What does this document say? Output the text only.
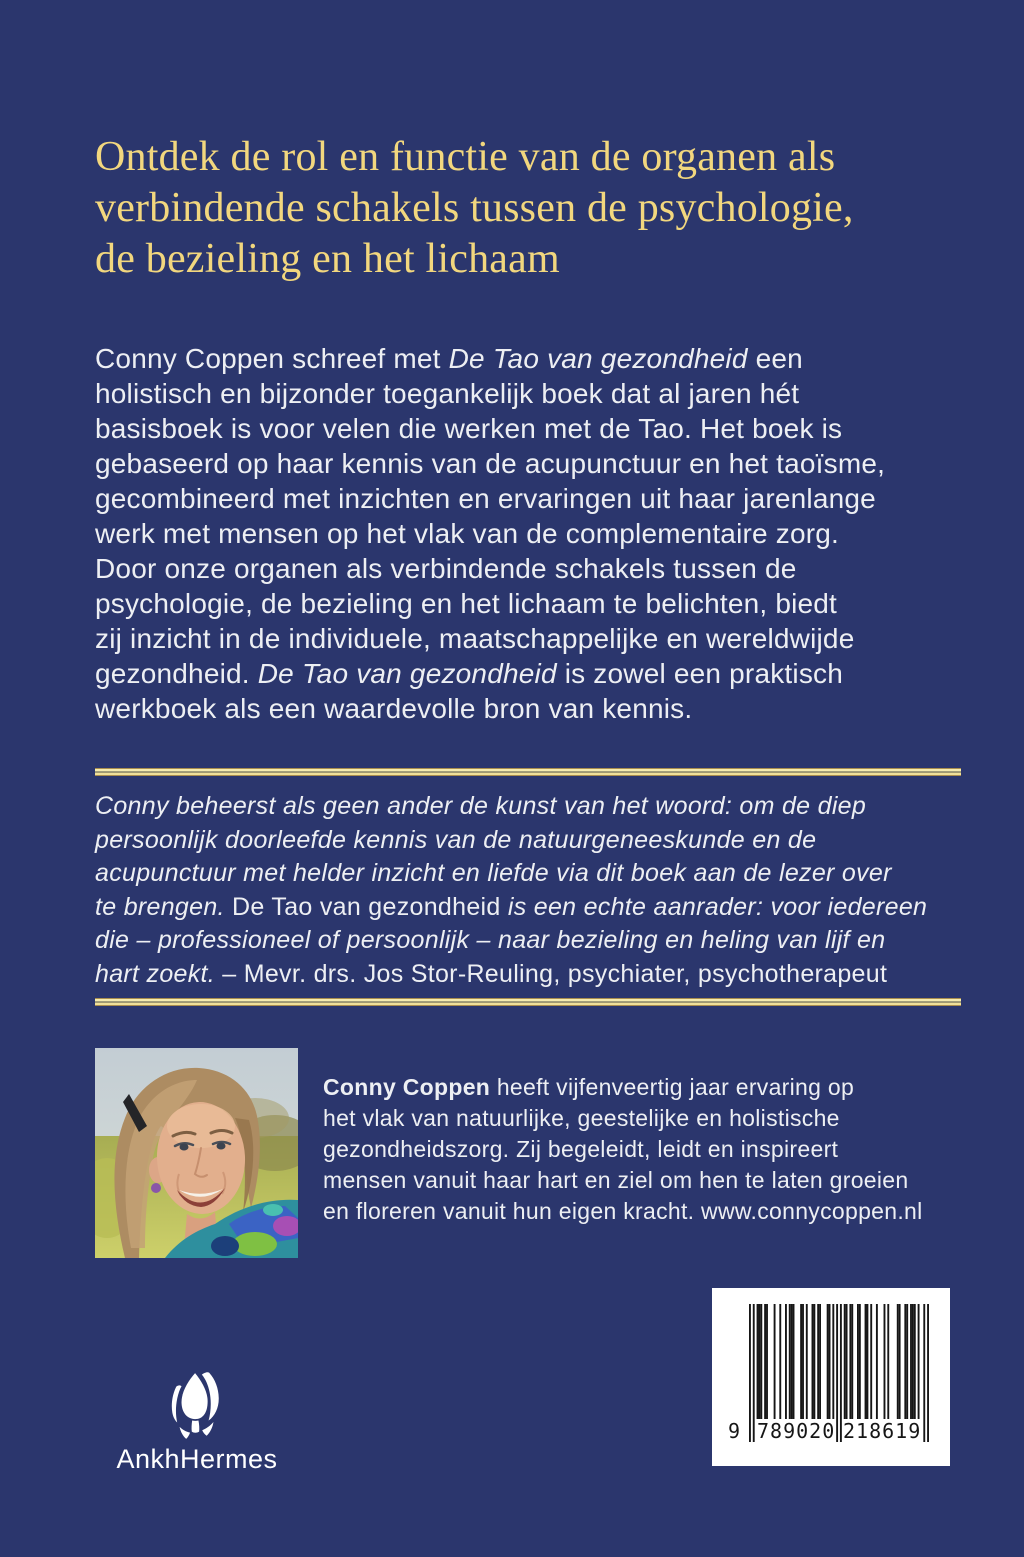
Ontdek de rol en functie van de organen als
verbindende schakels tussen de psychologie,
de bezieling en het lichaam
Conny Coppen schreef met De Tao van gezondheid een
holistisch en bijzonder toegankelijk boek dat al jaren hét
basisboek is voor velen die werken met de Tao. Het boek is
gebaseerd op haar kennis van de acupunctuur en het taoïsme,
gecombineerd met inzichten en ervaringen uit haar jarenlange
werk met mensen op het vlak van de complementaire zorg.
Door onze organen als verbindende schakels tussen de
psychologie, de bezieling en het lichaam te belichten, biedt
zij inzicht in de individuele, maatschappelijke en wereldwijde
gezondheid. De Tao van gezondheid is zowel een praktisch
werkboek als een waardevolle bron van kennis.
Conny beheerst als geen ander de kunst van het woord: om de diep
persoonlijk doorleefde kennis van de natuurgeneeskunde en de
acupunctuur met helder inzicht en liefde via dit boek aan de lezer over
te brengen. De Tao van gezondheid is een echte aanrader: voor iedereen
die – professioneel of persoonlijk – naar bezieling en heling van lijf en
hart zoekt. – Mevr. drs. Jos Stor-Reuling, psychiater, psychotherapeut
Conny Coppen heeft vijfenveertig jaar ervaring op
het vlak van natuurlijke, geestelijke en holistische
gezondheidszorg. Zij begeleidt, leidt en inspireert
mensen vanuit haar hart en ziel om hen te laten groeien
en floreren vanuit hun eigen kracht. www.connycoppen.nl
AnkhHermes
9 789020 218619
